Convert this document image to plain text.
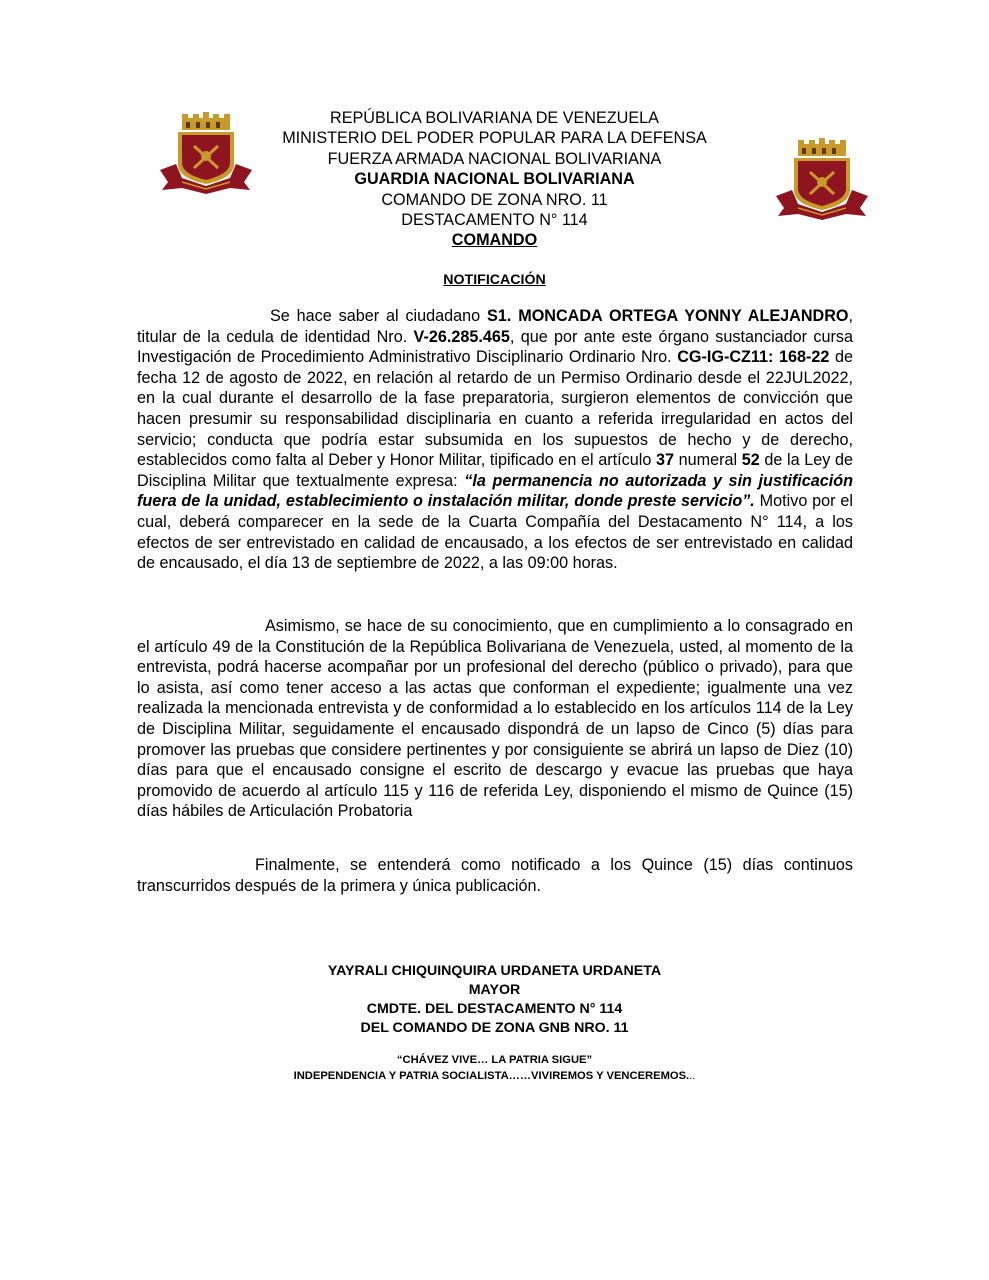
REPÚBLICA BOLIVARIANA DE VENEZUELA
MINISTERIO DEL PODER POPULAR PARA LA DEFENSA
FUERZA ARMADA NACIONAL BOLIVARIANA
GUARDIA NACIONAL BOLIVARIANA
COMANDO DE ZONA NRO. 11
DESTACAMENTO N° 114
COMANDO
NOTIFICACIÓN
Se hace saber al ciudadano S1. MONCADA ORTEGA YONNY ALEJANDRO, titular de la cedula de identidad Nro. V-26.285.465, que por ante este órgano sustanciador cursa Investigación de Procedimiento Administrativo Disciplinario Ordinario Nro. CG-IG-CZ11: 168-22 de fecha 12 de agosto de 2022, en relación al retardo de un Permiso Ordinario desde el 22JUL2022, en la cual durante el desarrollo de la fase preparatoria, surgieron elementos de convicción que hacen presumir su responsabilidad disciplinaria en cuanto a referida irregularidad en actos del servicio; conducta que podría estar subsumida en los supuestos de hecho y de derecho, establecidos como falta al Deber y Honor Militar, tipificado en el artículo 37 numeral 52 de la Ley de Disciplina Militar que textualmente expresa: “la permanencia no autorizada y sin justificación fuera de la unidad, establecimiento o instalación militar, donde preste servicio”. Motivo por el cual, deberá comparecer en la sede de la Cuarta Compañía del Destacamento N° 114, a los efectos de ser entrevistado en calidad de encausado, a los efectos de ser entrevistado en calidad de encausado, el día 13 de septiembre de 2022, a las 09:00 horas.
Asimismo, se hace de su conocimiento, que en cumplimiento a lo consagrado en el artículo 49 de la Constitución de la República Bolivariana de Venezuela, usted, al momento de la entrevista, podrá hacerse acompañar por un profesional del derecho (público o privado), para que lo asista, así como tener acceso a las actas que conforman el expediente; igualmente una vez realizada la mencionada entrevista y de conformidad a lo establecido en los artículos 114 de la Ley de Disciplina Militar, seguidamente el encausado dispondrá de un lapso de Cinco (5) días para promover las pruebas que considere pertinentes y por consiguiente se abrirá un lapso de Diez (10) días para que el encausado consigne el escrito de descargo y evacue las pruebas que haya promovido de acuerdo al artículo 115 y 116 de referida Ley, disponiendo el mismo de Quince (15) días hábiles de Articulación Probatoria
Finalmente, se entenderá como notificado a los Quince (15) días continuos transcurridos después de la primera y única publicación.
YAYRALI CHIQUINQUIRA URDANETA URDANETA
MAYOR
CMDTE. DEL DESTACAMENTO N° 114
DEL COMANDO DE ZONA GNB NRO. 11
“CHÁVEZ VIVE… LA PATRIA SIGUE”
INDEPENDENCIA Y PATRIA SOCIALISTA……VIVIREMOS Y VENCEREMOS...
